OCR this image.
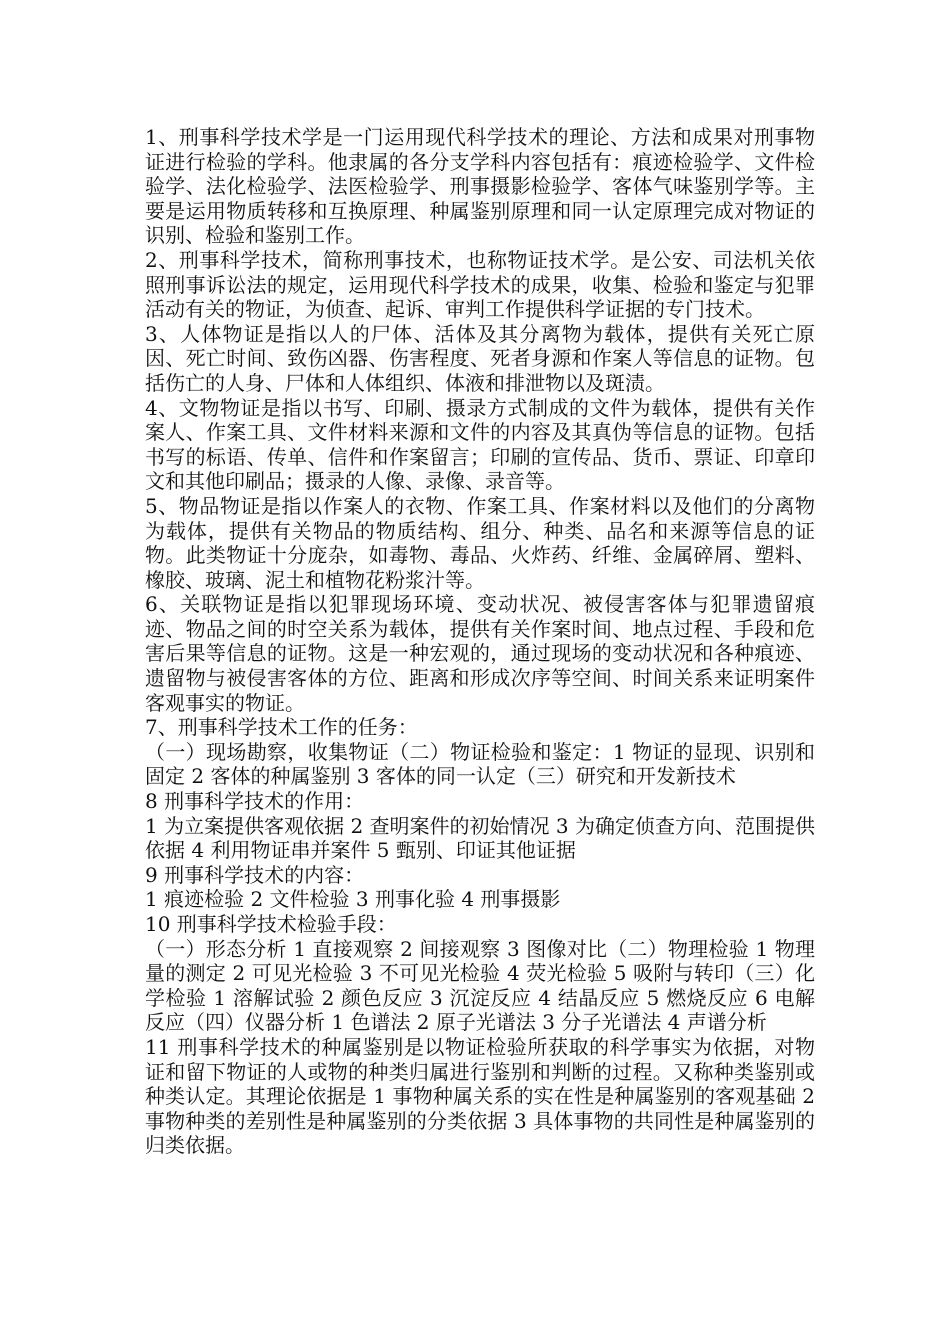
1、刑事科学技术学是一门运用现代科学技术的理论、方法和成果对刑事物证进行检验的学科。他隶属的各分支学科内容包括有：痕迹检验学、文件检验学、法化检验学、法医检验学、刑事摄影检验学、客体气味鉴别学等。主要是运用物质转移和互换原理、种属鉴别原理和同一认定原理完成对物证的识别、检验和鉴别工作。

2、刑事科学技术，简称刑事技术，也称物证技术学。是公安、司法机关依照刑事诉讼法的规定，运用现代科学技术的成果，收集、检验和鉴定与犯罪活动有关的物证，为侦查、起诉、审判工作提供科学证据的专门技术。

3、人体物证是指以人的尸体、活体及其分离物为载体，提供有关死亡原因、死亡时间、致伤凶器、伤害程度、死者身源和作案人等信息的证物。包括伤亡的人身、尸体和人体组织、体液和排泄物以及斑渍。

4、文物物证是指以书写、印刷、摄录方式制成的文件为载体，提供有关作案人、作案工具、文件材料来源和文件的内容及其真伪等信息的证物。包括书写的标语、传单、信件和作案留言；印刷的宣传品、货币、票证、印章印文和其他印刷品；摄录的人像、录像、录音等。

5、物品物证是指以作案人的衣物、作案工具、作案材料以及他们的分离物为载体，提供有关物品的物质结构、组分、种类、品名和来源等信息的证物。此类物证十分庞杂，如毒物、毒品、火炸药、纤维、金属碎屑、塑料、橡胶、玻璃、泥土和植物花粉浆汁等。

6、关联物证是指以犯罪现场环境、变动状况、被侵害客体与犯罪遗留痕迹、物品之间的时空关系为载体，提供有关作案时间、地点过程、手段和危害后果等信息的证物。这是一种宏观的，通过现场的变动状况和各种痕迹、遗留物与被侵害客体的方位、距离和形成次序等空间、时间关系来证明案件客观事实的物证。

7、刑事科学技术工作的任务：

（一）现场勘察，收集物证（二）物证检验和鉴定：1 物证的显现、识别和固定 2 客体的种属鉴别 3 客体的同一认定（三）研究和开发新技术

8 刑事科学技术的作用：

1 为立案提供客观依据 2 查明案件的初始情况 3 为确定侦查方向、范围提供依据 4 利用物证串并案件 5 甄别、印证其他证据

9 刑事科学技术的内容：

1 痕迹检验 2 文件检验 3 刑事化验 4 刑事摄影

10 刑事科学技术检验手段：

（一）形态分析 1 直接观察 2 间接观察 3 图像对比（二）物理检验 1 物理量的测定 2 可见光检验 3 不可见光检验 4 荧光检验 5 吸附与转印（三）化学检验 1 溶解试验 2 颜色反应 3 沉淀反应 4 结晶反应 5 燃烧反应 6 电解反应（四）仪器分析 1 色谱法 2 原子光谱法 3 分子光谱法 4 声谱分析

11 刑事科学技术的种属鉴别是以物证检验所获取的科学事实为依据，对物证和留下物证的人或物的种类归属进行鉴别和判断的过程。又称种类鉴别或种类认定。其理论依据是 1 事物种属关系的实在性是种属鉴别的客观基础 2 事物种类的差别性是种属鉴别的分类依据 3 具体事物的共同性是种属鉴别的归类依据。
